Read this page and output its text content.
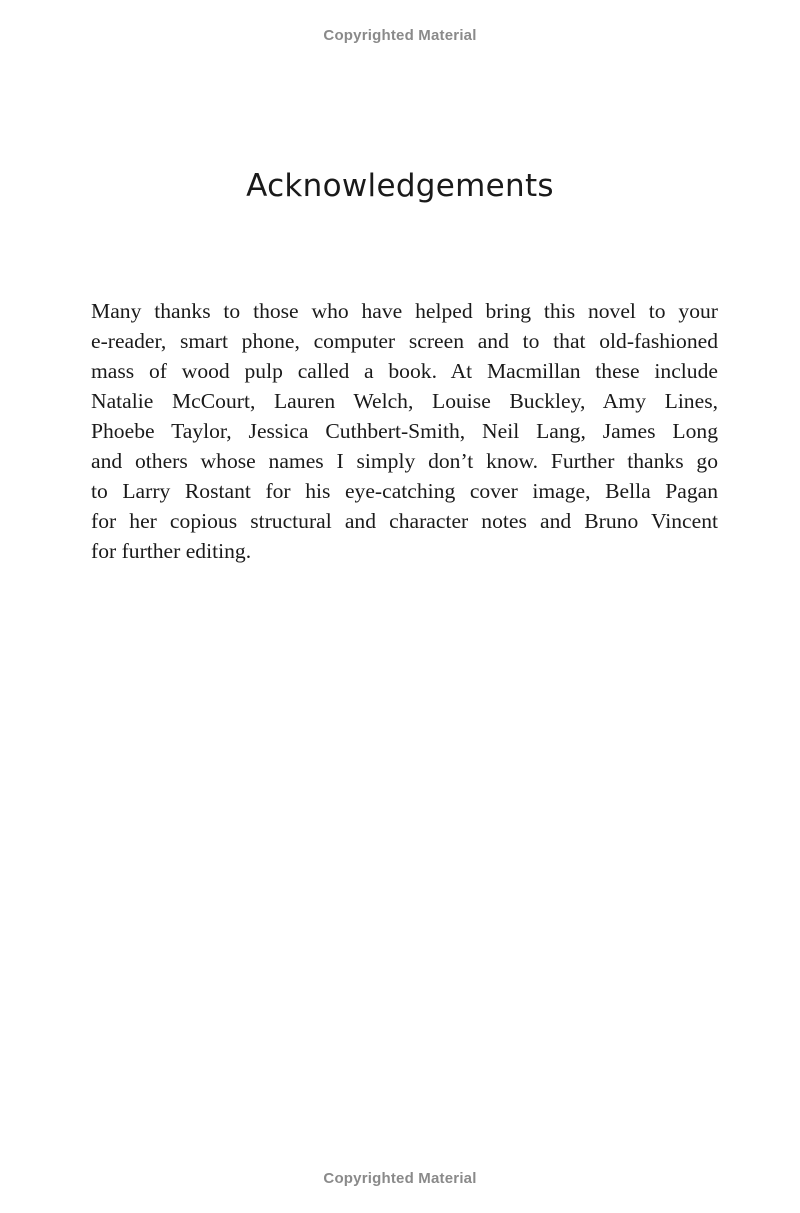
Copyrighted Material
Acknowledgements
Many thanks to those who have helped bring this novel to your
e-reader, smart phone, computer screen and to that old-fashioned
mass of wood pulp called a book. At Macmillan these include
Natalie McCourt, Lauren Welch, Louise Buckley, Amy Lines,
Phoebe Taylor, Jessica Cuthbert-Smith, Neil Lang, James Long
and others whose names I simply don’t know. Further thanks go
to Larry Rostant for his eye-catching cover image, Bella Pagan
for her copious structural and character notes and Bruno Vincent
for further editing.
Copyrighted Material
